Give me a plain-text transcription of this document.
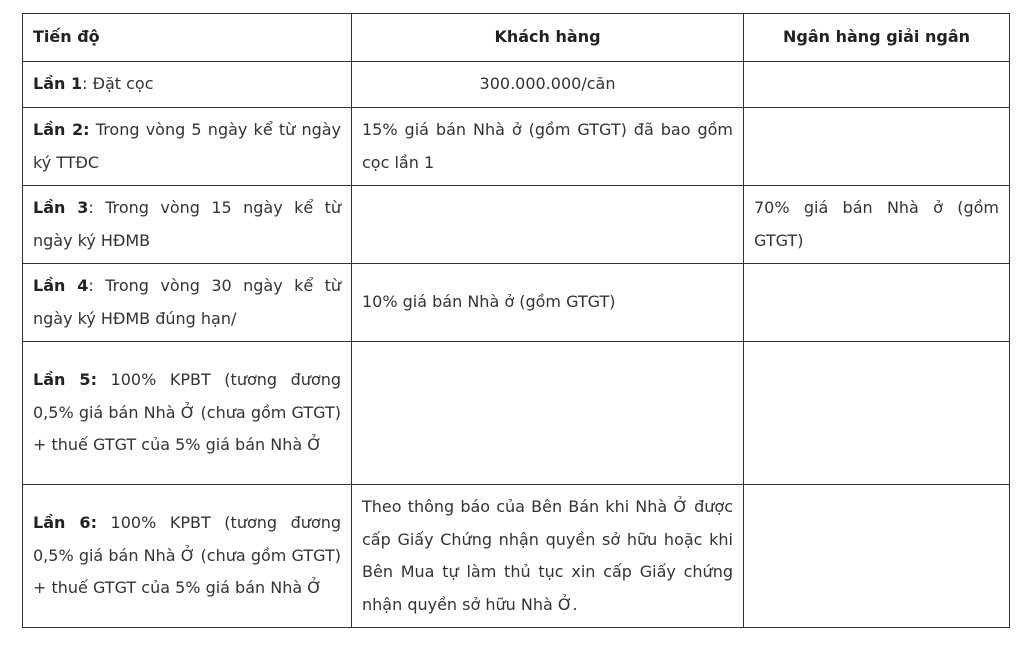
Tiến độ	Khách hàng	Ngân hàng giải ngân
Lần 1: Đặt cọc	300.000.000/căn	
Lần 2: Trong vòng 5 ngày kể từ ngày ký TTĐC	15% giá bán Nhà ở (gồm GTGT) đã bao gồm cọc lần 1	
Lần 3: Trong vòng 15 ngày kể từ ngày ký HĐMB		70% giá bán Nhà ở (gồm GTGT)
Lần 4: Trong vòng 30 ngày kể từ ngày ký HĐMB đúng hạn/	10% giá bán Nhà ở (gồm GTGT)	
Lần 5: 100% KPBT (tương đương 0,5% giá bán Nhà Ở (chưa gồm GTGT) + thuế GTGT của 5% giá bán Nhà Ở		
Lần 6: 100% KPBT (tương đương 0,5% giá bán Nhà Ở (chưa gồm GTGT) + thuế GTGT của 5% giá bán Nhà Ở	Theo thông báo của Bên Bán khi Nhà Ở được cấp Giấy Chứng nhận quyền sở hữu hoặc khi Bên Mua tự làm thủ tục xin cấp Giấy chứng nhận quyền sở hữu Nhà Ở.	
